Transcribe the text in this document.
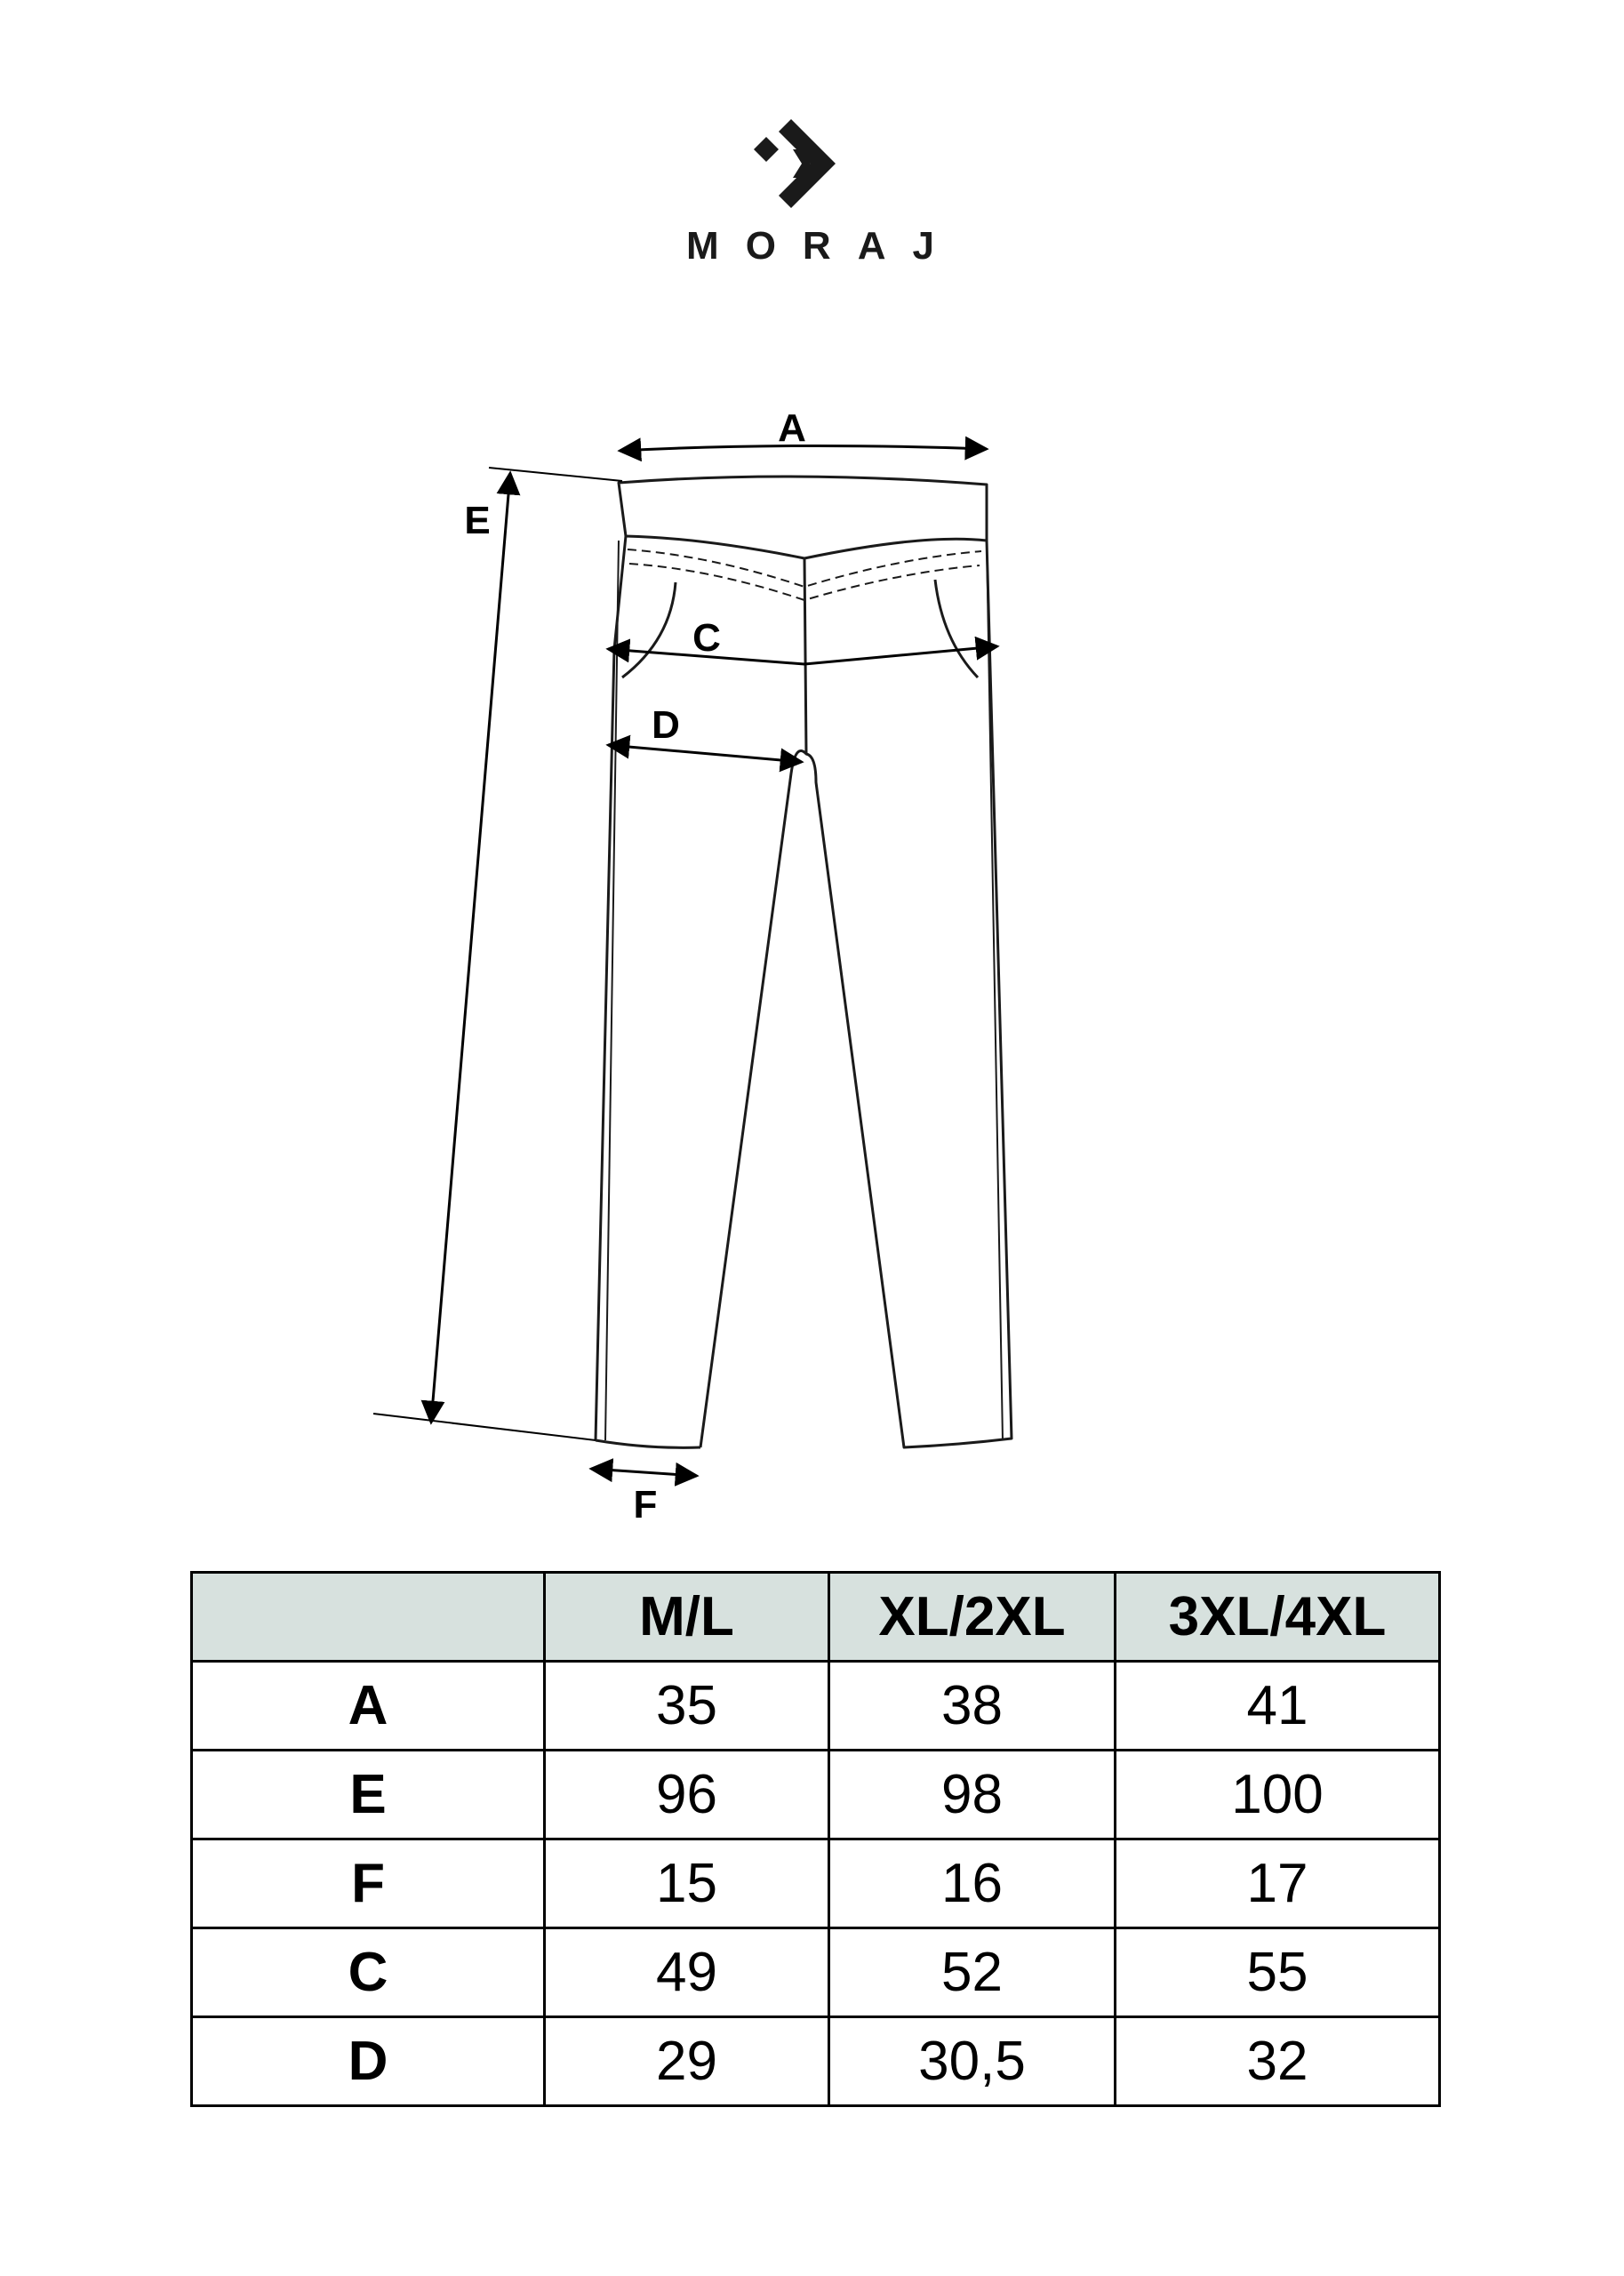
MORAJ
A
C
D
E
F
	M/L	XL/2XL	3XL/4XL
A	35	38	41
E	96	98	100
F	15	16	17
C	49	52	55
D	29	30,5	32
